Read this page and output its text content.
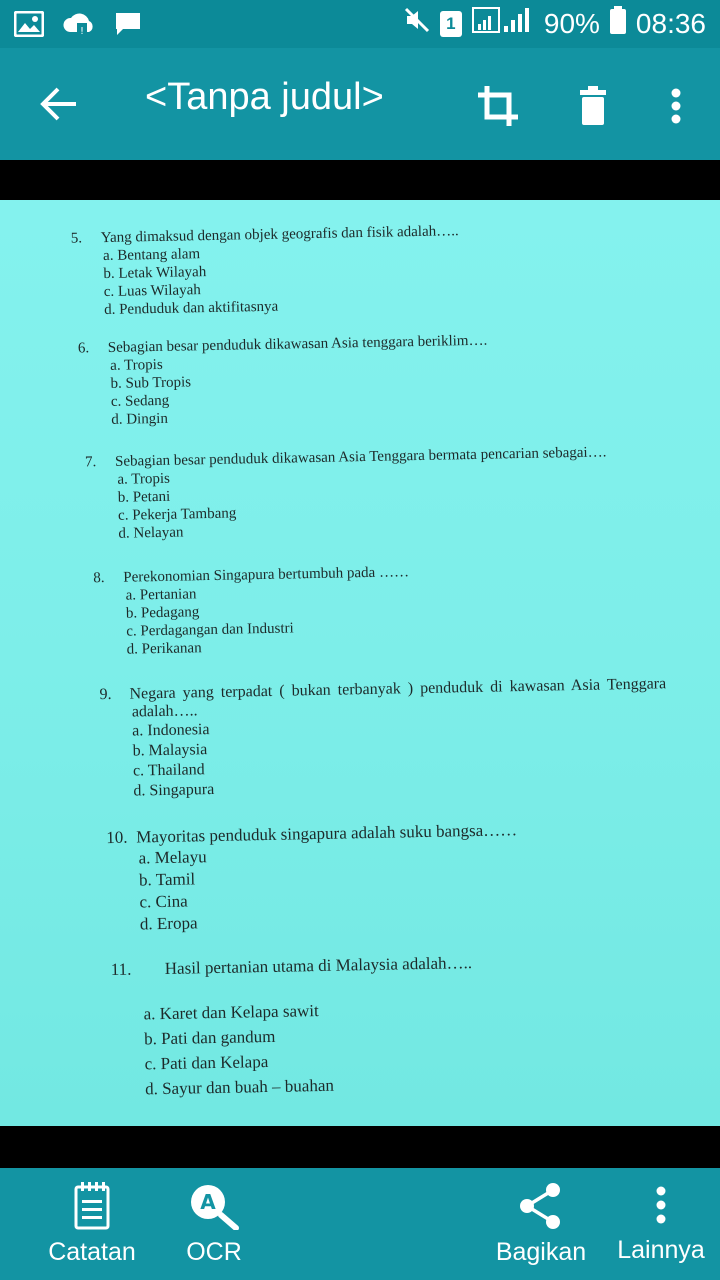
!	1	90% 08:36
<Tanpa judul>
5. Yang dimaksud dengan objek geografis dan fisik adalah…..
a. Bentang alam
b. Letak Wilayah
c. Luas Wilayah
d. Penduduk dan aktifitasnya
6. Sebagian besar penduduk dikawasan Asia tenggara beriklim….
a. Tropis
b. Sub Tropis
c. Sedang
d. Dingin
7. Sebagian besar penduduk dikawasan Asia Tenggara bermata pencarian sebagai….
a. Tropis
b. Petani
c. Pekerja Tambang
d. Nelayan
8. Perekonomian Singapura bertumbuh pada ……
a. Pertanian
b. Pedagang
c. Perdagangan dan Industri
d. Perikanan
9. Negara yang terpadat ( bukan terbanyak ) penduduk di kawasan Asia Tenggara
adalah…..
a. Indonesia
b. Malaysia
c. Thailand
d. Singapura
10. Mayoritas penduduk singapura adalah suku bangsa……
a. Melayu
b. Tamil
c. Cina
d. Eropa
11. Hasil pertanian utama di Malaysia adalah…..
a. Karet dan Kelapa sawit
b. Pati dan gandum
c. Pati dan Kelapa
d. Sayur dan buah – buahan
Catatan
A
OCR	Bagikan Lainnya
